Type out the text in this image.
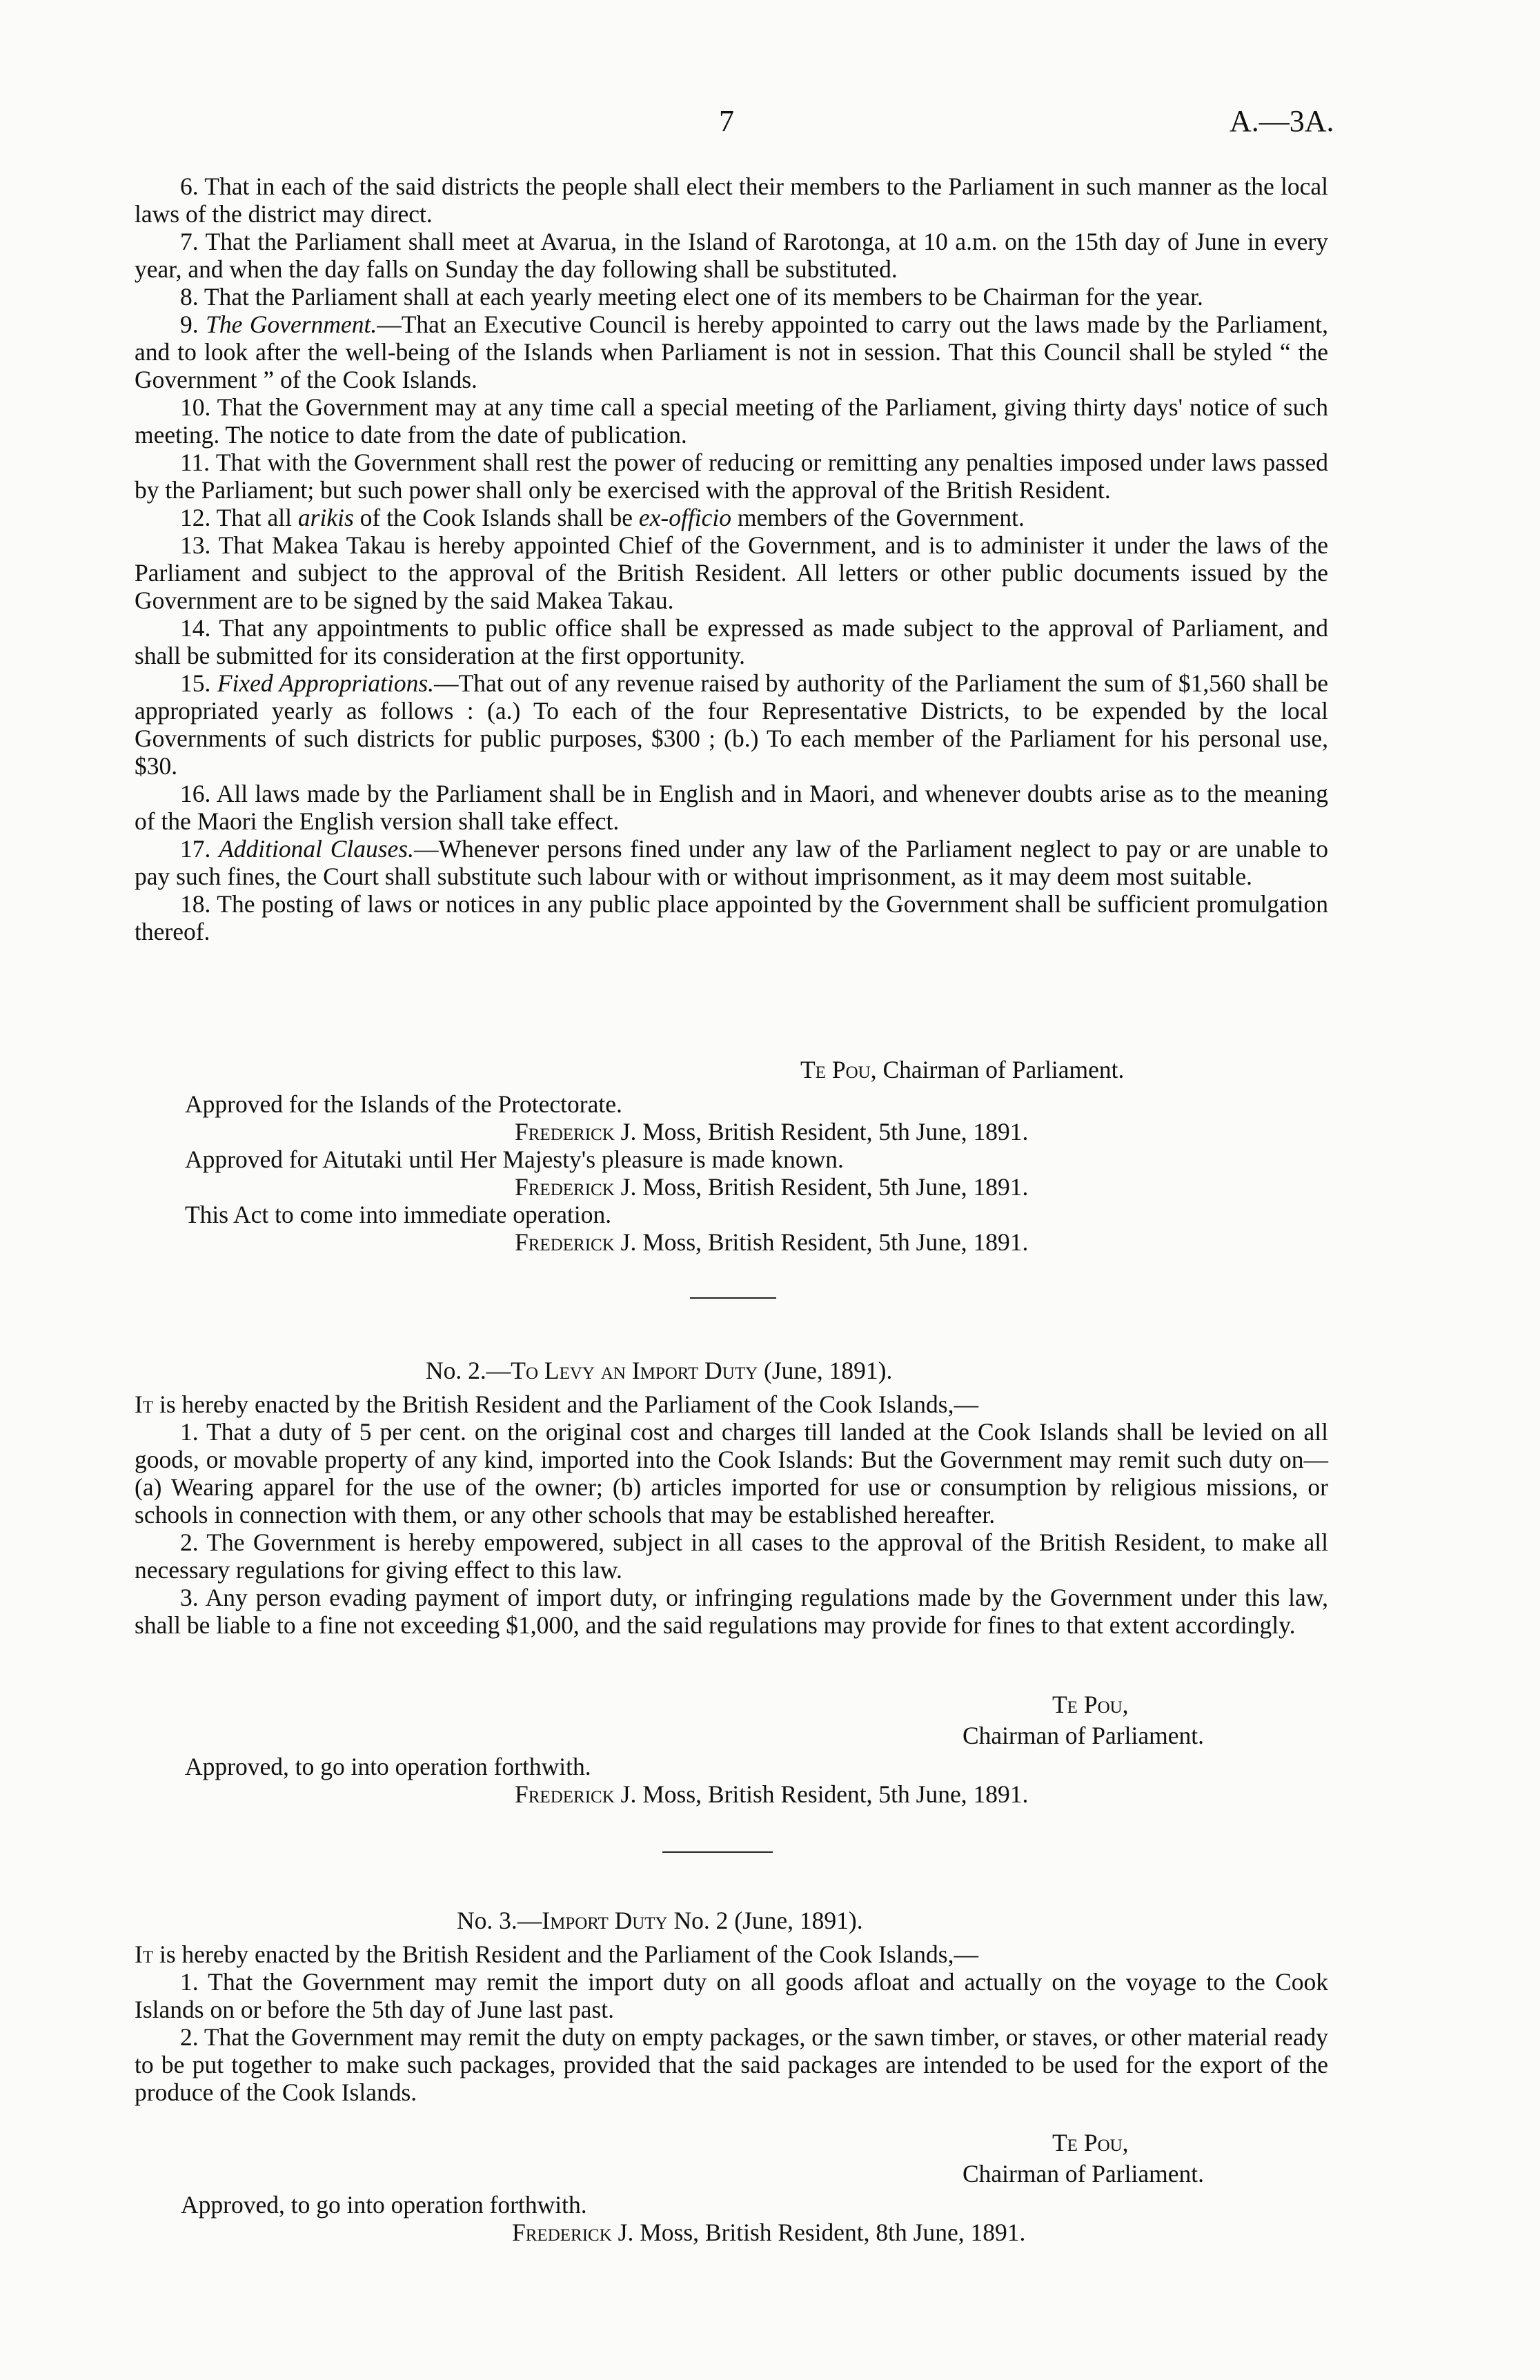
7	A.—3A.

6. That in each of the said districts the people shall elect their members to the Parliament in such manner as the local laws of the district may direct.

7. That the Parliament shall meet at Avarua, in the Island of Rarotonga, at 10 a.m. on the 15th day of June in every year, and when the day falls on Sunday the day following shall be substituted.

8. That the Parliament shall at each yearly meeting elect one of its members to be Chairman for the year.

9. The Government.—That an Executive Council is hereby appointed to carry out the laws made by the Parliament, and to look after the well-being of the Islands when Parliament is not in session. That this Council shall be styled “ the Government ” of the Cook Islands.

10. That the Government may at any time call a special meeting of the Parliament, giving thirty days' notice of such meeting. The notice to date from the date of publication.

11. That with the Government shall rest the power of reducing or remitting any penalties imposed under laws passed by the Parliament; but such power shall only be exercised with the approval of the British Resident.

12. That all arikis of the Cook Islands shall be ex-officio members of the Government.

13. That Makea Takau is hereby appointed Chief of the Government, and is to administer it under the laws of the Parliament and subject to the approval of the British Resident. All letters or other public documents issued by the Government are to be signed by the said Makea Takau.

14. That any appointments to public office shall be expressed as made subject to the approval of Parliament, and shall be submitted for its consideration at the first opportunity.

15. Fixed Appropriations.—That out of any revenue raised by authority of the Parliament the sum of $1,560 shall be appropriated yearly as follows : (a.) To each of the four Representative Districts, to be expended by the local Governments of such districts for public purposes, $300 ; (b.) To each member of the Parliament for his personal use, $30.

16. All laws made by the Parliament shall be in English and in Maori, and whenever doubts arise as to the meaning of the Maori the English version shall take effect.

17. Additional Clauses.—Whenever persons fined under any law of the Parliament neglect to pay or are unable to pay such fines, the Court shall substitute such labour with or without imprisonment, as it may deem most suitable.

18. The posting of laws or notices in any public place appointed by the Government shall be sufficient promulgation thereof.

Te Pou, Chairman of Parliament.
Approved for the Islands of the Protectorate.
Frederick J. Moss, British Resident, 5th June, 1891.
Approved for Aitutaki until Her Majesty's pleasure is made known.
Frederick J. Moss, British Resident, 5th June, 1891.
This Act to come into immediate operation.
Frederick J. Moss, British Resident, 5th June, 1891.
No. 2.—To Levy an Import Duty (June, 1891).

It is hereby enacted by the British Resident and the Parliament of the Cook Islands,—

1. That a duty of 5 per cent. on the original cost and charges till landed at the Cook Islands shall be levied on all goods, or movable property of any kind, imported into the Cook Islands: But the Government may remit such duty on—(a) Wearing apparel for the use of the owner; (b) articles imported for use or consumption by religious missions, or schools in connection with them, or any other schools that may be established hereafter.

2. The Government is hereby empowered, subject in all cases to the approval of the British Resident, to make all necessary regulations for giving effect to this law.

3. Any person evading payment of import duty, or infringing regulations made by the Government under this law, shall be liable to a fine not exceeding $1,000, and the said regulations may provide for fines to that extent accordingly.

Te Pou,
Chairman of Parliament.
Approved, to go into operation forthwith.
Frederick J. Moss, British Resident, 5th June, 1891.
No. 3.—Import Duty No. 2 (June, 1891).

It is hereby enacted by the British Resident and the Parliament of the Cook Islands,—

1. That the Government may remit the import duty on all goods afloat and actually on the voyage to the Cook Islands on or before the 5th day of June last past.

2. That the Government may remit the duty on empty packages, or the sawn timber, or staves, or other material ready to be put together to make such packages, provided that the said packages are intended to be used for the export of the produce of the Cook Islands.

Te Pou,
Chairman of Parliament.
Approved, to go into operation forthwith.
Frederick J. Moss, British Resident, 8th June, 1891.
